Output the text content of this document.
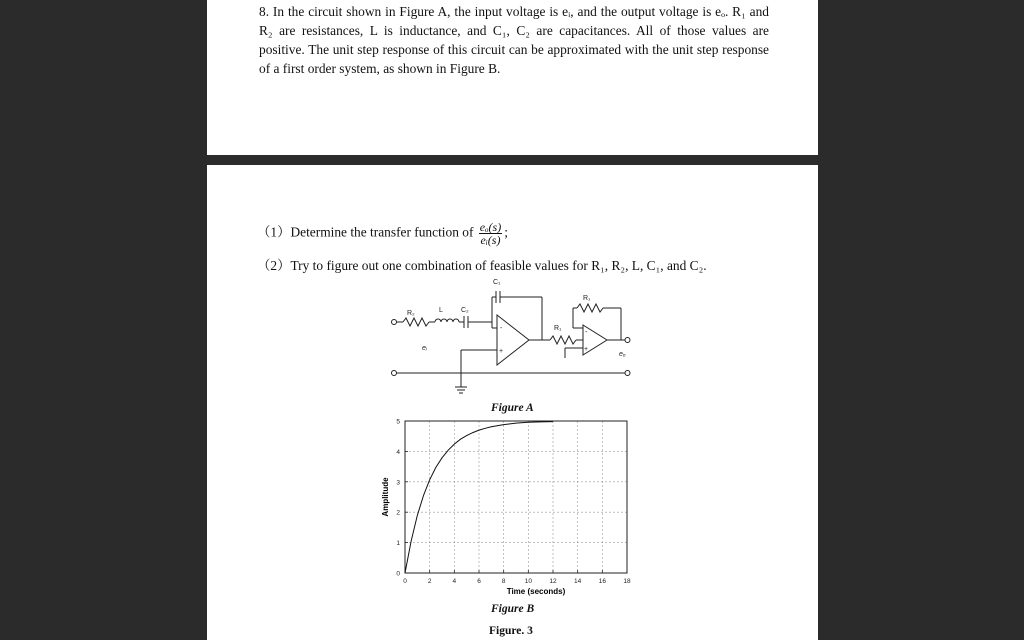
8. In the circuit shown in Figure A, the input voltage is eᵢ, and the output voltage is eₒ. R₁ and R₂ are resistances, L is inductance, and C₁, C₂ are capacitances. All of those values are positive. The unit step response of this circuit can be approximated with the unit step response of a first order system, as shown in Figure B.
（1）Determine the transfer function of $\frac{\text{eₒ(s)}}{\text{eᵢ(s)}}$ ;
（2）Try to figure out one combination of feasible values for R₁, R₂, L, C₁, and C₂.
C₁
R₁
R₂	L	C₂
R₁
eᵢ
eₒ
-
+
-
+
Figure A
0	2	4	6	8	10	12	14	16	18
0
1
2
3
4
5
Time (seconds)
Amplitude
Figure B
Figure. 3
